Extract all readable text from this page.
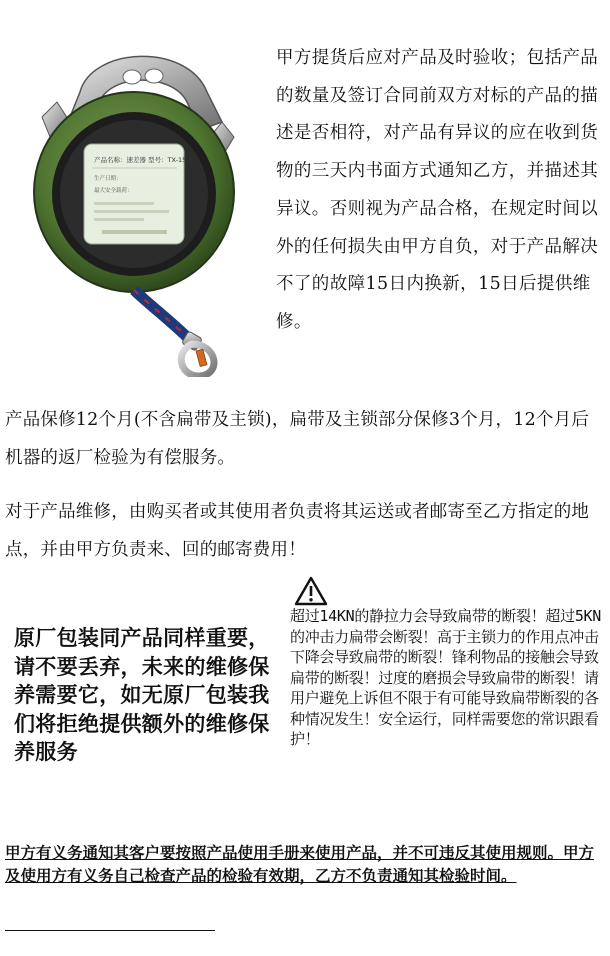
产品名称：速差器 型号：TX-15
生产日期：
最大安全载荷：

甲方提货后应对产品及时验收；包括产品的数量及签订合同前双方对标的产品的描述是否相符，对产品有异议的应在收到货物的三天内书面方式通知乙方，并描述其异议。否则视为产品合格，在规定时间以外的任何损失由甲方自负，对于产品解决不了的故障15日内换新，15日后提供维修。

产品保修12个月(不含扁带及主锁)，扁带及主锁部分保修3个月，12个月后机器的返厂检验为有偿服务。

对于产品维修，由购买者或其使用者负责将其运送或者邮寄至乙方指定的地点，并由甲方负责来、回的邮寄费用！

原厂包装同产品同样重要，请不要丢弃，未来的维修保养需要它，如无原厂包装我们将拒绝提供额外的维修保养服务

超过14KN的静拉力会导致扁带的断裂！超过5KN的冲击力扁带会断裂！高于主锁力的作用点冲击下降会导致扁带的断裂！锋利物品的接触会导致扁带的断裂！过度的磨损会导致扁带的断裂！请用户避免上诉但不限于有可能导致扁带断裂的各种情况发生！安全运行，同样需要您的常识跟看护！

甲方有义务通知其客户要按照产品使用手册来使用产品，并不可违反其使用规则。甲方及使用方有义务自己检查产品的检验有效期，乙方不负责通知其检验时间。
